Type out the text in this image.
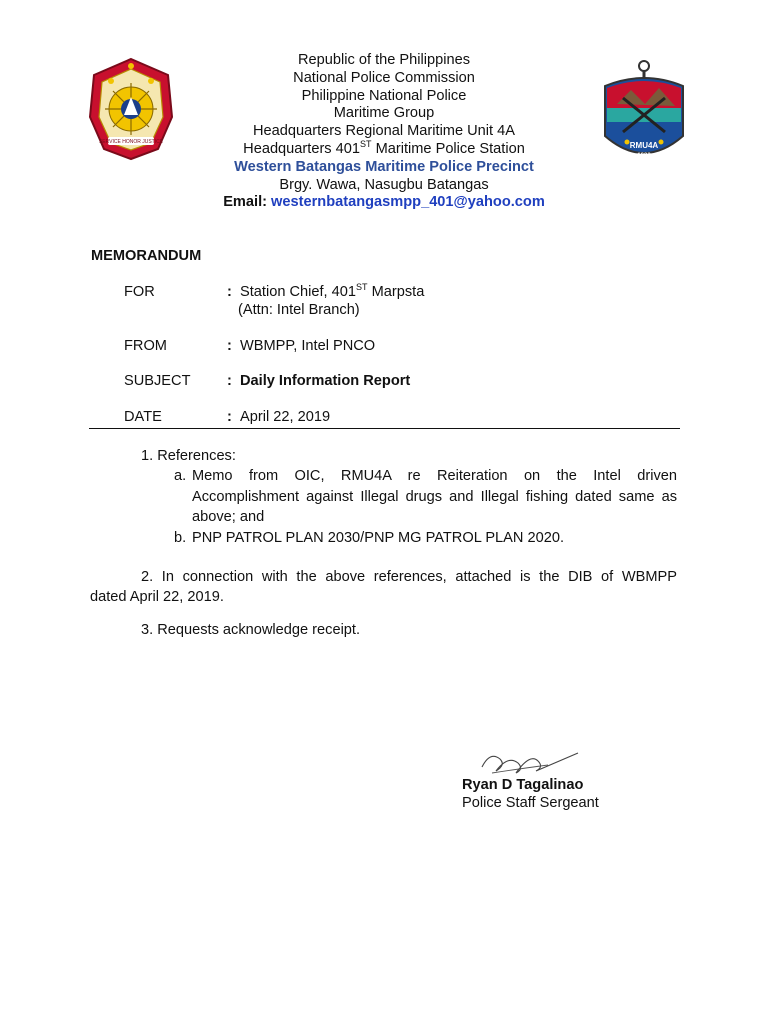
SERVICE HONOR JUSTICE	RMU4A
1992
Republic of the Philippines
National Police Commission
Philippine National Police
Maritime Group
Headquarters Regional Maritime Unit 4A
Headquarters 401ST Maritime Police Station
Western Batangas Maritime Police Precinct
Brgy. Wawa, Nasugbu Batangas
Email: westernbatangasmpp_401@yahoo.com
MEMORANDUM
FOR	: Station Chief, 401ST Marpsta
(Attn: Intel Branch)
FROM	: WBMPP, Intel PNCO
SUBJECT	: Daily Information Report
DATE	: April 22, 2019
1. References:
a. Memo from OIC, RMU4A re Reiteration on the Intel driven
Accomplishment against Illegal drugs and Illegal fishing dated same as
above; and
b. PNP PATROL PLAN 2030/PNP MG PATROL PLAN 2020.
2. In connection with the above references, attached is the DIB of WBMPP
dated April 22, 2019.
3. Requests acknowledge receipt.
Ryan D Tagalinao
Police Staff Sergeant
